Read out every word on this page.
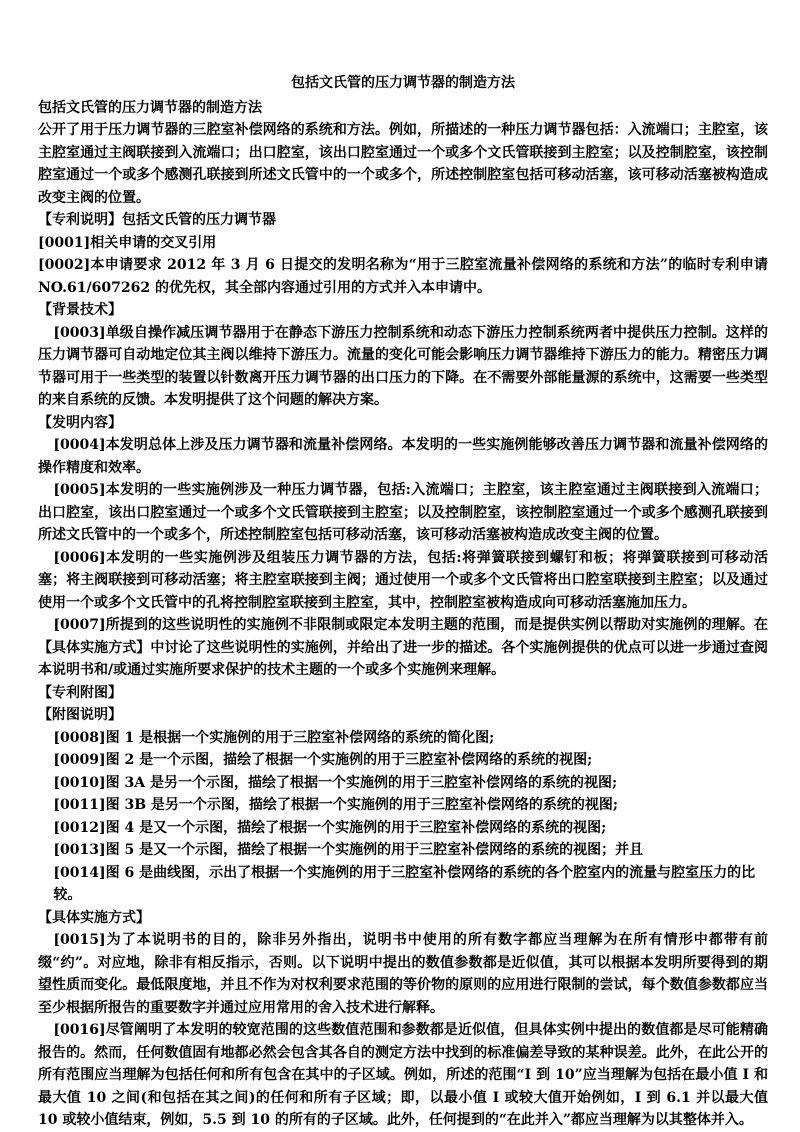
包括文氏管的压力调节器的制造方法

包括文氏管的压力调节器的制造方法

公开了用于压力调节器的三腔室补偿网络的系统和方法。例如，所描述的一种压力调节器包括：入流端口；主腔室，该主腔室通过主阀联接到入流端口；出口腔室，该出口腔室通过一个或多个文氏管联接到主腔室；以及控制腔室，该控制腔室通过一个或多个感测孔联接到所述文氏管中的一个或多个，所述控制腔室包括可移动活塞，该可移动活塞被构造成改变主阀的位置。

【专利说明】包括文氏管的压力调节器

[0001]相关申请的交叉引用

[0002]本申请要求 2012 年 3 月 6 日提交的发明名称为“用于三腔室流量补偿网络的系统和方法”的临时专利申请 NO.61/607262 的优先权，其全部内容通过引用的方式并入本申请中。

【背景技术】

[0003]单级自操作减压调节器用于在静态下游压力控制系统和动态下游压力控制系统两者中提供压力控制。这样的压力调节器可自动地定位其主阀以维持下游压力。流量的变化可能会影响压力调节器维持下游压力的能力。精密压力调节器可用于一些类型的装置以针数离开压力调节器的出口压力的下降。在不需要外部能量源的系统中，这需要一些类型的来自系统的反馈。本发明提供了这个问题的解决方案。

【发明内容】

[0004]本发明总体上涉及压力调节器和流量补偿网络。本发明的一些实施例能够改善压力调节器和流量补偿网络的操作精度和效率。

[0005]本发明的一些实施例涉及一种压力调节器，包括:入流端口；主腔室，该主腔室通过主阀联接到入流端口；出口腔室，该出口腔室通过一个或多个文氏管联接到主腔室；以及控制腔室，该控制腔室通过一个或多个感测孔联接到所述文氏管中的一个或多个，所述控制腔室包括可移动活塞，该可移动活塞被构造成改变主阀的位置。

[0006]本发明的一些实施例涉及组装压力调节器的方法，包括:将弹簧联接到螺钉和板；将弹簧联接到可移动活塞；将主阀联接到可移动活塞；将主腔室联接到主阀；通过使用一个或多个文氏管将出口腔室联接到主腔室；以及通过使用一个或多个文氏管中的孔将控制腔室联接到主腔室，其中，控制腔室被构造成向可移动活塞施加压力。

[0007]所提到的这些说明性的实施例不非限制或限定本发明主题的范围，而是提供实例以帮助对实施例的理解。在【具体实施方式】中讨论了这些说明性的实施例，并给出了进一步的描述。各个实施例提供的优点可以进一步通过查阅本说明书和/或通过实施所要求保护的技术主题的一个或多个实施例来理解。

【专利附图】

【附图说明】

[0008]图 1 是根据一个实施例的用于三腔室补偿网络的系统的简化图;

[0009]图 2 是一个示图，描绘了根据一个实施例的用于三腔室补偿网络的系统的视图;

[0010]图 3A 是另一个示图，描绘了根据一个实施例的用于三腔室补偿网络的系统的视图;

[0011]图 3B 是另一个示图，描绘了根据一个实施例的用于三腔室补偿网络的系统的视图;

[0012]图 4 是又一个示图，描绘了根据一个实施例的用于三腔室补偿网络的系统的视图;

[0013]图 5 是又一个示图，描绘了根据一个实施例的用于三腔室补偿网络的系统的视图；并且

[0014]图 6 是曲线图，示出了根据一个实施例的用于三腔室补偿网络的系统的各个腔室内的流量与腔室压力的比较。

【具体实施方式】

[0015]为了本说明书的目的，除非另外指出，说明书中使用的所有数字都应当理解为在所有情形中都带有前缀“约”。对应地，除非有相反指示，否则。以下说明中提出的数值参数都是近似值，其可以根据本发明所要得到的期望性质而变化。最低限度地，并且不作为对权利要求范围的等价物的原则的应用进行限制的尝试，每个数值参数都应当至少根据所报告的重要数字并通过应用常用的舍入技术进行解释。

[0016]尽管阐明了本发明的较宽范围的这些数值范围和参数都是近似值，但具体实例中提出的数值都是尽可能精确报告的。然而，任何数值固有地都必然会包含其各自的测定方法中找到的标准偏差导致的某种误差。此外，在此公开的所有范围应当理解为包括任何和所有包含在其中的子区域。例如，所述的范围“I 到 10”应当理解为包括在最小值 I 和最大值 10 之间(和包括在其之间)的任何和所有子区域；即，以最小值 I 或较大值开始例如，I 到 6.1 并以最大值 10 或较小值结束，例如，5.5 到 10 的所有的子区域。此外，任何提到的“在此并入”都应当理解为以其整体并入。
